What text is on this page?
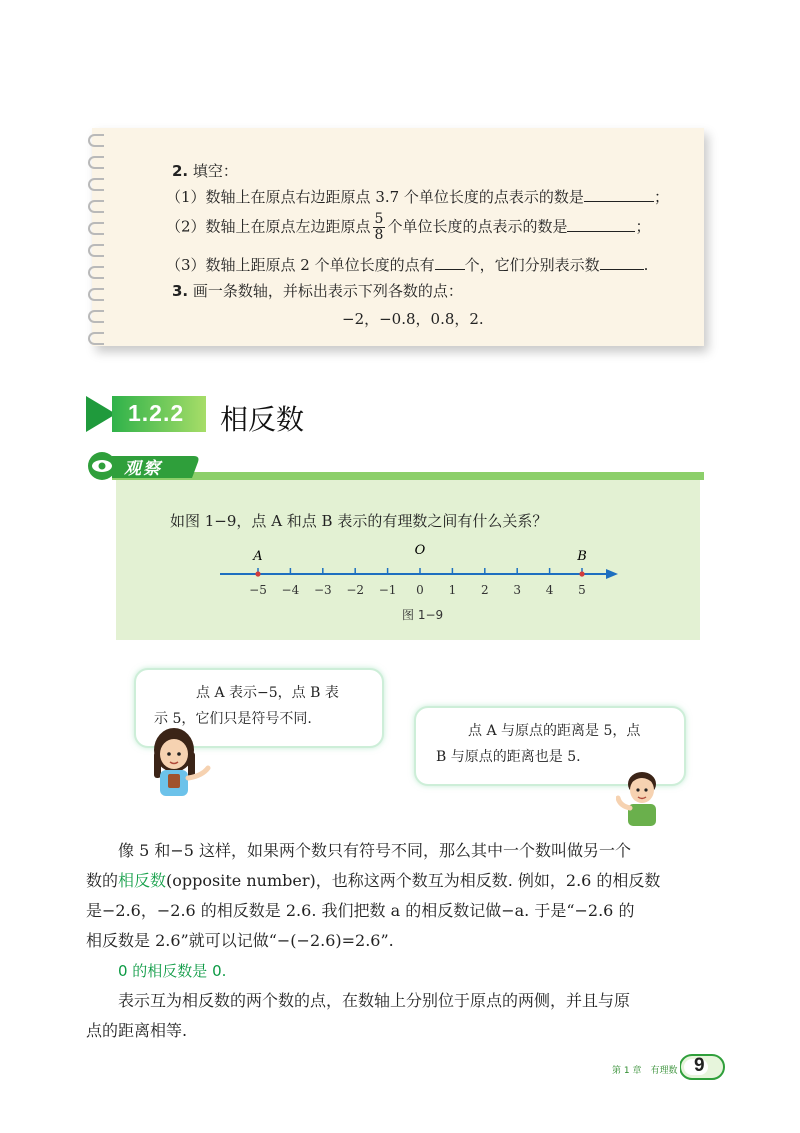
2. 填空：
（1）数轴上在原点右边距原点 3.7 个单位长度的点表示的数是	；
（2）数轴上在原点左边距原点 $\frac{5}{8}$ 个单位长度的点表示的数是	；
（3）数轴上距原点 2 个单位长度的点有 个，它们分别表示数	.
3. 画一条数轴，并标出表示下列各数的点：
−2，−0.8，0.8，2.
1.2.2 相反数
观察
如图 1−9，点 A 和点 B 表示的有理数之间有什么关系？
A	O	B
−5 −4 −3 −2 −1 0 1 2 3 4 5
图 1−9

点 A 表示−5，点 B 表

示 5，它们只是符号不同.

点 A 与原点的距离是 5，点

B 与原点的距离也是 5.

像 5 和−5 这样，如果两个数只有符号不同，那么其中一个数叫做另一个
数的相反数(opposite number)，也称这两个数互为相反数. 例如，2.6 的相反数
是−2.6，−2.6 的相反数是 2.6. 我们把数 a 的相反数记做−a. 于是“−2.6 的
相反数是 2.6”就可以记做“−(−2.6)=2.6”.
0 的相反数是 0.
表示互为相反数的两个数的点，在数轴上分别位于原点的两侧，并且与原
点的距离相等.
第 1 章　有理数 9
